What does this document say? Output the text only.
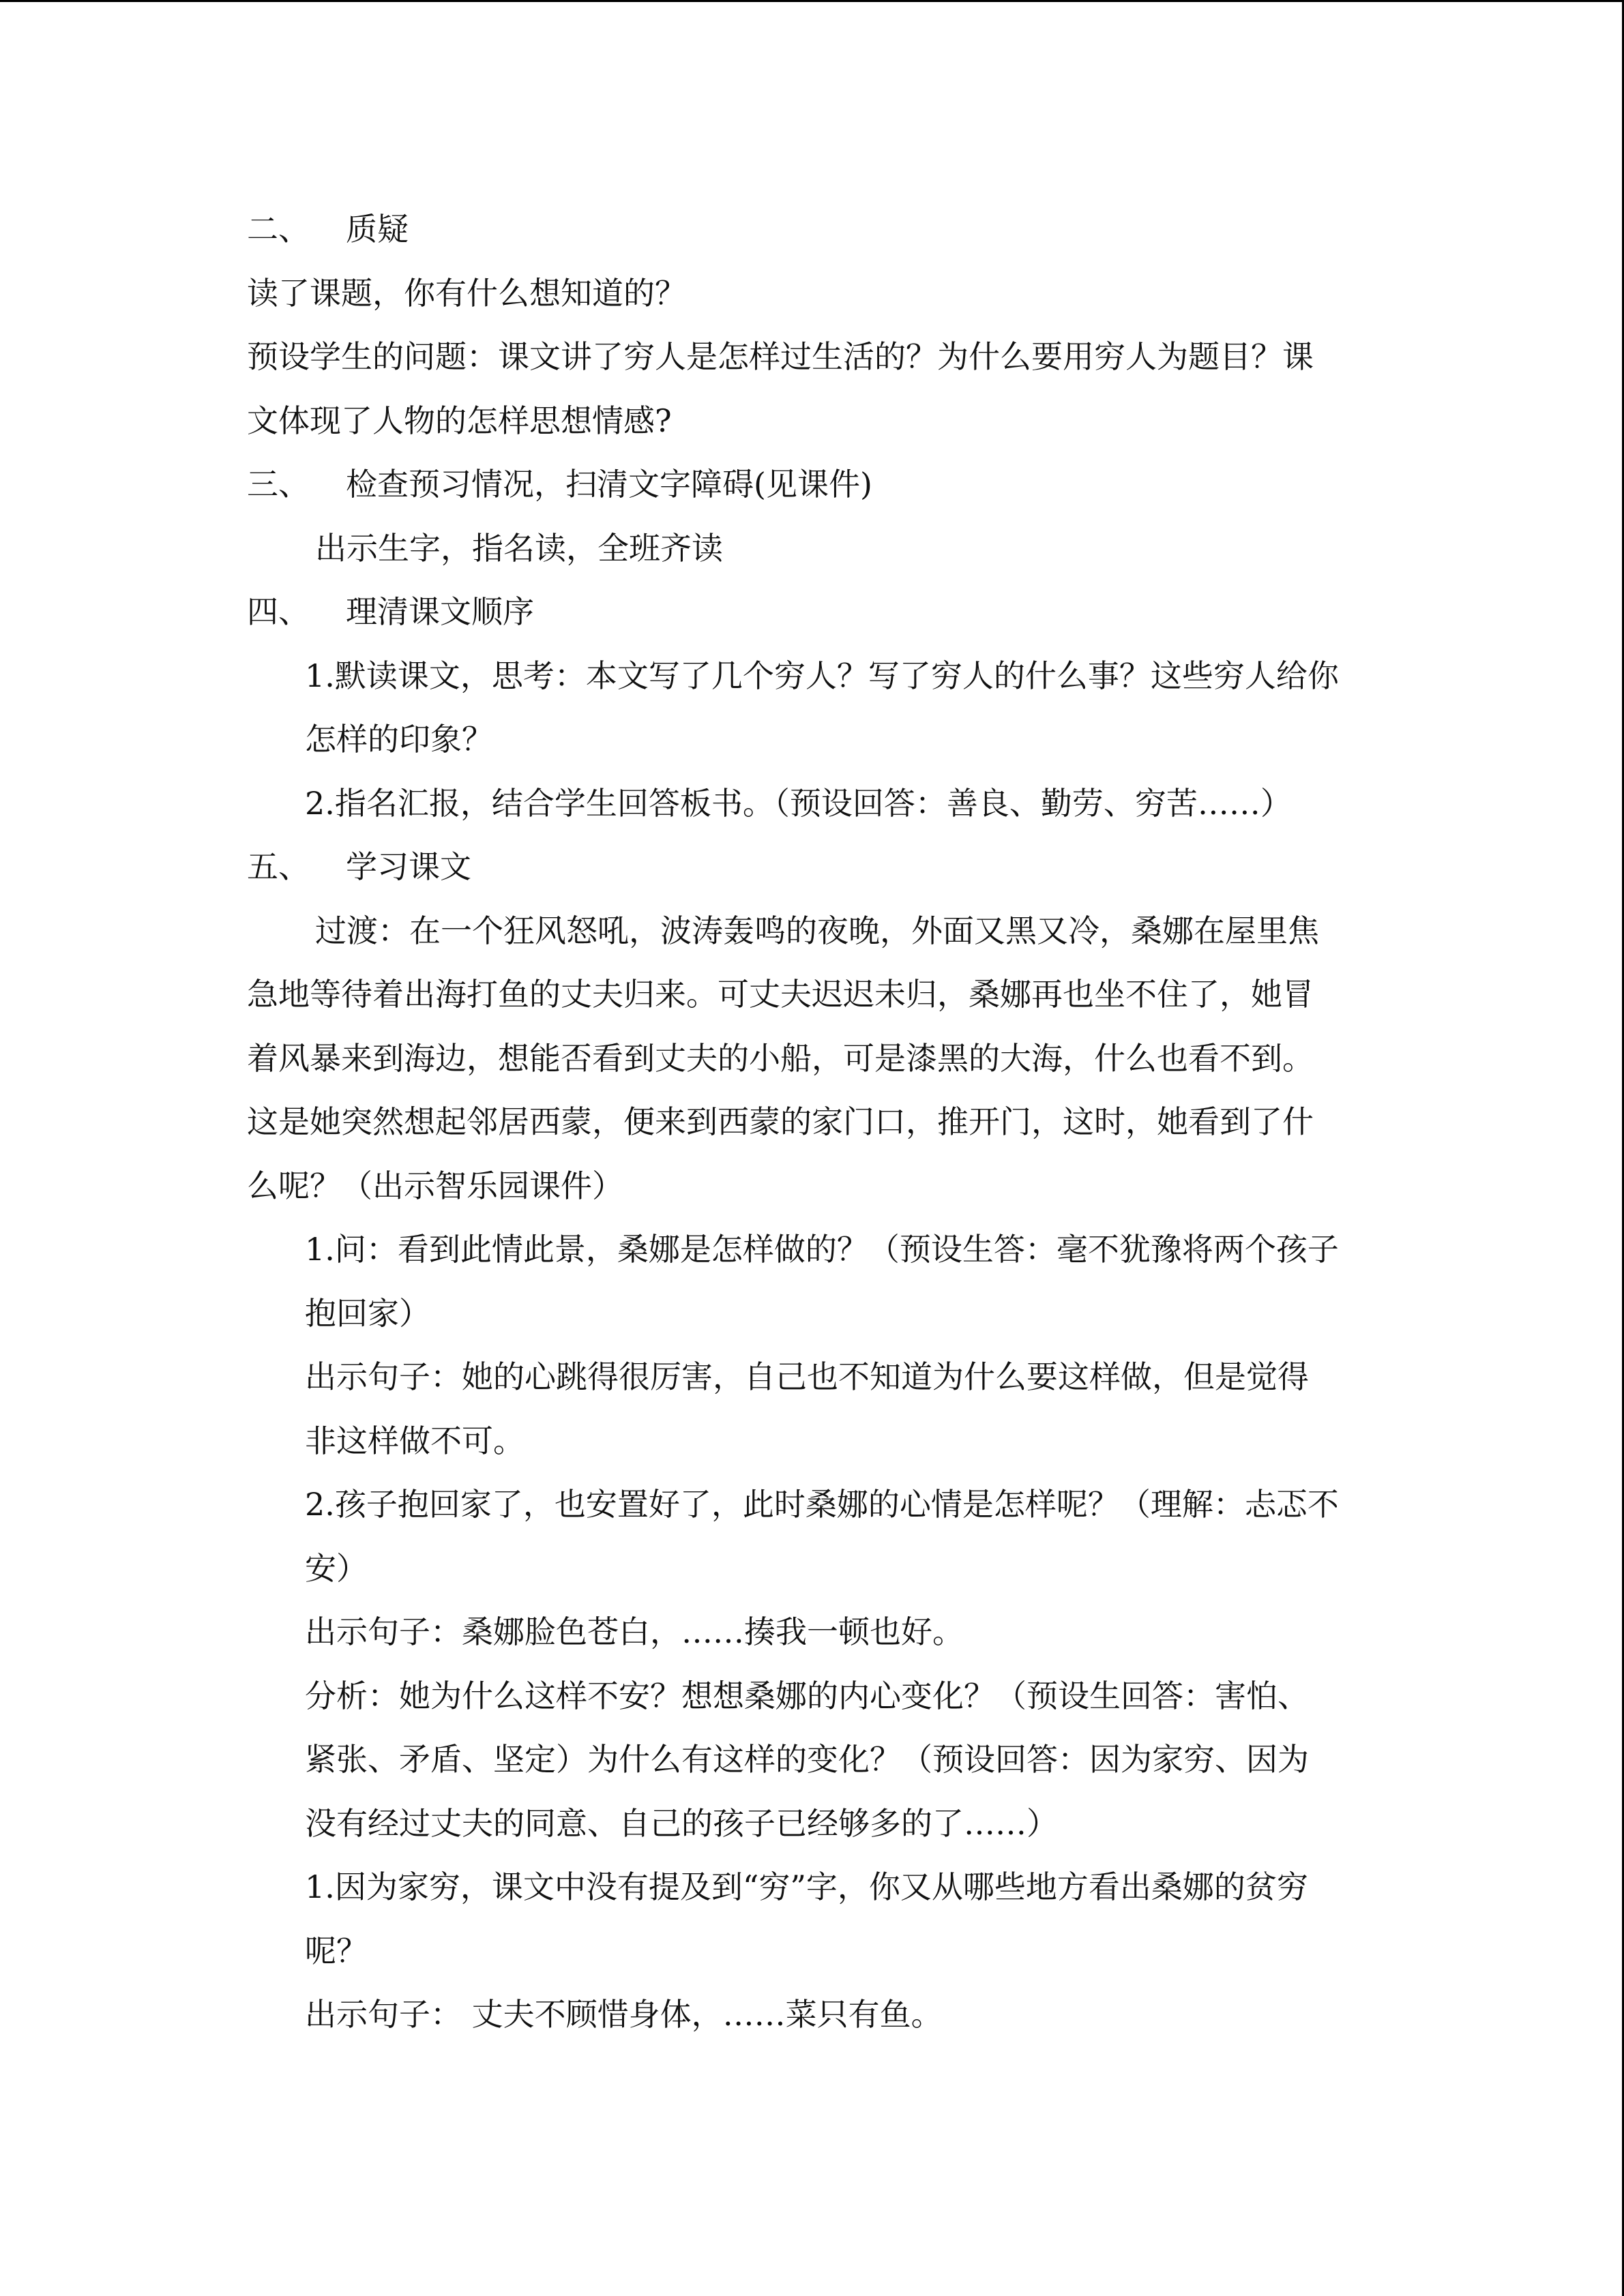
二、 质疑
读了课题，你有什么想知道的？
预设学生的问题：课文讲了穷人是怎样过生活的？为什么要用穷人为题目？课
文体现了人物的怎样思想情感?
三、 检查预习情况，扫清文字障碍(见课件)
出示生字，指名读，全班齐读
四、 理清课文顺序
1.默读课文，思考：本文写了几个穷人？写了穷人的什么事？这些穷人给你
怎样的印象？
2.指名汇报，结合学生回答板书。（预设回答：善良、勤劳、穷苦……）
五、 学习课文
过渡：在一个狂风怒吼，波涛轰鸣的夜晚，外面又黑又冷，桑娜在屋里焦
急地等待着出海打鱼的丈夫归来。可丈夫迟迟未归，桑娜再也坐不住了，她冒
着风暴来到海边，想能否看到丈夫的小船，可是漆黑的大海，什么也看不到。
这是她突然想起邻居西蒙，便来到西蒙的家门口，推开门，这时，她看到了什
么呢？（出示智乐园课件）
1.问：看到此情此景，桑娜是怎样做的？（预设生答：毫不犹豫将两个孩子
抱回家）
出示句子：她的心跳得很厉害，自己也不知道为什么要这样做，但是觉得
非这样做不可。
2.孩子抱回家了，也安置好了，此时桑娜的心情是怎样呢？（理解：忐忑不
安）
出示句子：桑娜脸色苍白，……揍我一顿也好。
分析：她为什么这样不安？想想桑娜的内心变化？（预设生回答：害怕、
紧张、矛盾、坚定）为什么有这样的变化？（预设回答：因为家穷、因为
没有经过丈夫的同意、自己的孩子已经够多的了……）
1.因为家穷，课文中没有提及到“穷”字，你又从哪些地方看出桑娜的贫穷
呢？
出示句子： 丈夫不顾惜身体，……菜只有鱼。
